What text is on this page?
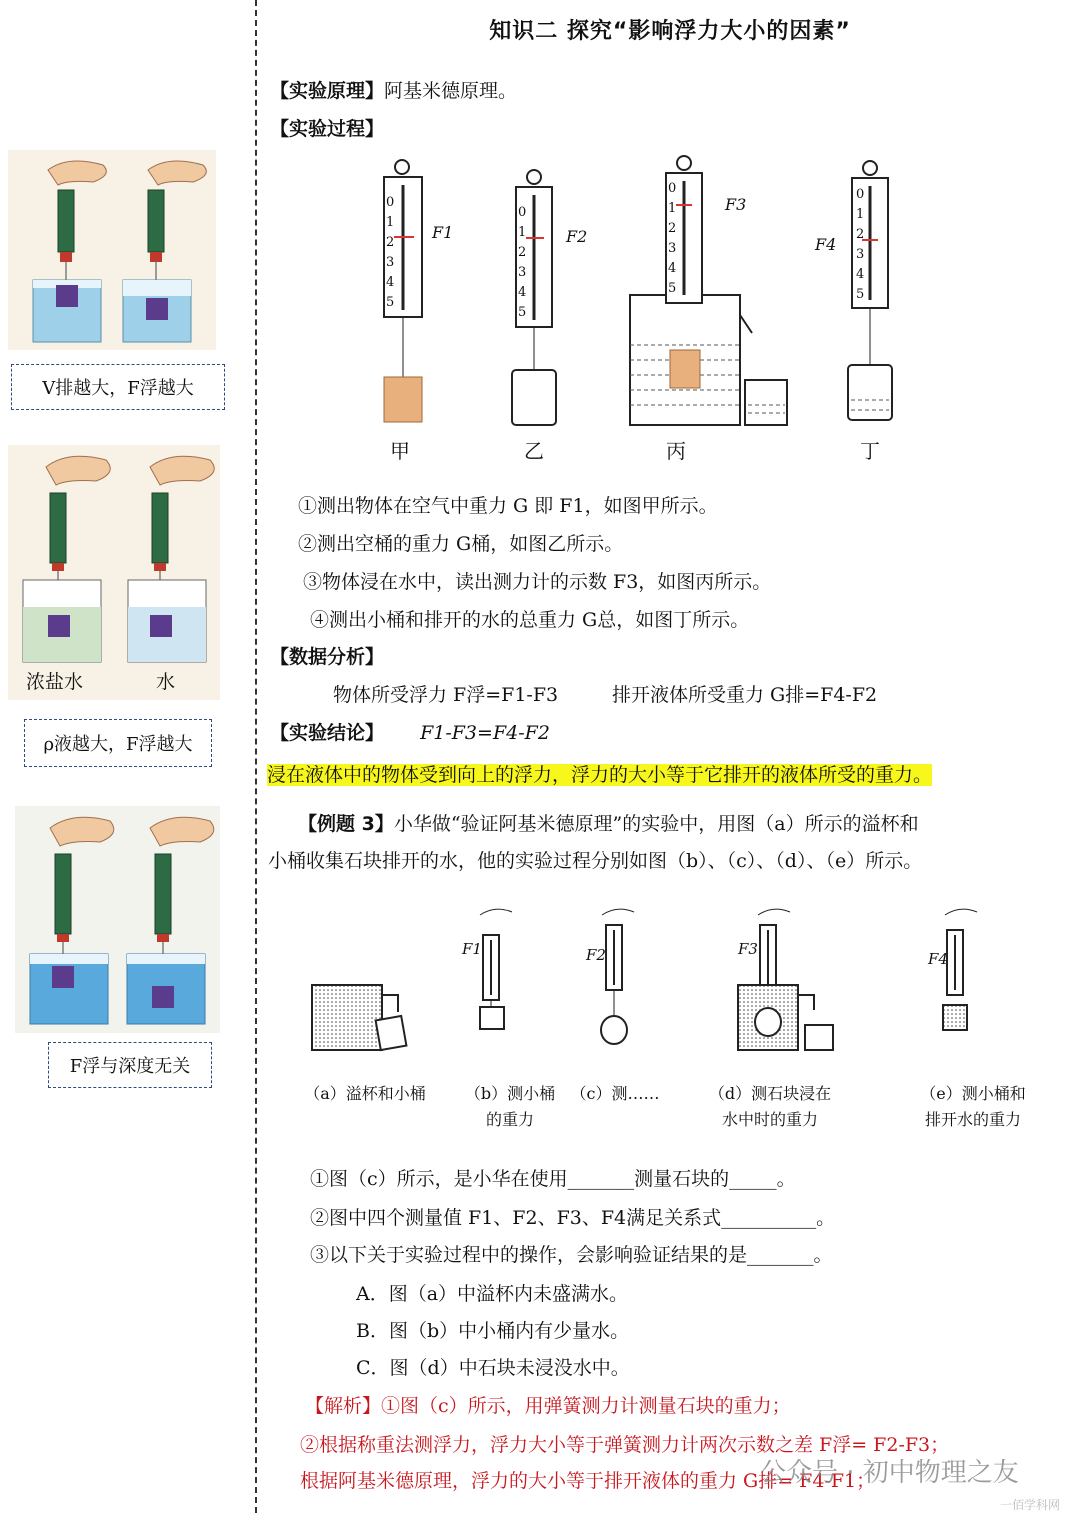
V排越大，F浮越大
浓盐水	水
ρ液越大，F浮越大
F浮与深度无关
知识二 探究“影响浮力大小的因素”
【实验原理】阿基米德原理。
【实验过程】
0
1
2
3
4
5
0
1
2
3
4
5
0
1
2
3
4
5
0
1
2
3
4
5
F1	F2
F3
F4
甲	乙	丙	丁
①测出物体在空气中重力 G 即 F1，如图甲所示。
②测出空桶的重力 G桶，如图乙所示。
③物体浸在水中，读出测力计的示数 F3，如图丙所示。
④测出小桶和排开的水的总重力 G总，如图丁所示。
【数据分析】
物体所受浮力 F浮=F1-F3	排开液体所受重力 G排=F4-F2
【实验结论】 F1-F3=F4-F2
浸在液体中的物体受到向上的浮力，浮力的大小等于它排开的液体所受的重力。
【例题 3】小华做“验证阿基米德原理”的实验中，用图（a）所示的溢杯和
小桶收集石块排开的水，他的实验过程分别如图（b）、（c）、（d）、（e）所示。
F1	F2	F3
F4
（a）溢杯和小桶	（b）测小桶
的重力
（c）测……	（d）测石块浸在
水中时的重力
（e）测小桶和
排开水的重力
①图（c）所示，是小华在使用_______测量石块的_____。
②图中四个测量值 F1、F2、F3、F4满足关系式__________。
③以下关于实验过程中的操作，会影响验证结果的是_______。
A．图（a）中溢杯内未盛满水。
B．图（b）中小桶内有少量水。
C．图（d）中石块未浸没水中。
【解析】①图（c）所示，用弹簧测力计测量石块的重力；
②根据称重法测浮力，浮力大小等于弹簧测力计两次示数之差 F浮= F2-F3；
根据阿基米德原理，浮力的大小等于排开液体的重力 G排= F4-F1；
公众号 · 初中物理之友
一佰学科网
